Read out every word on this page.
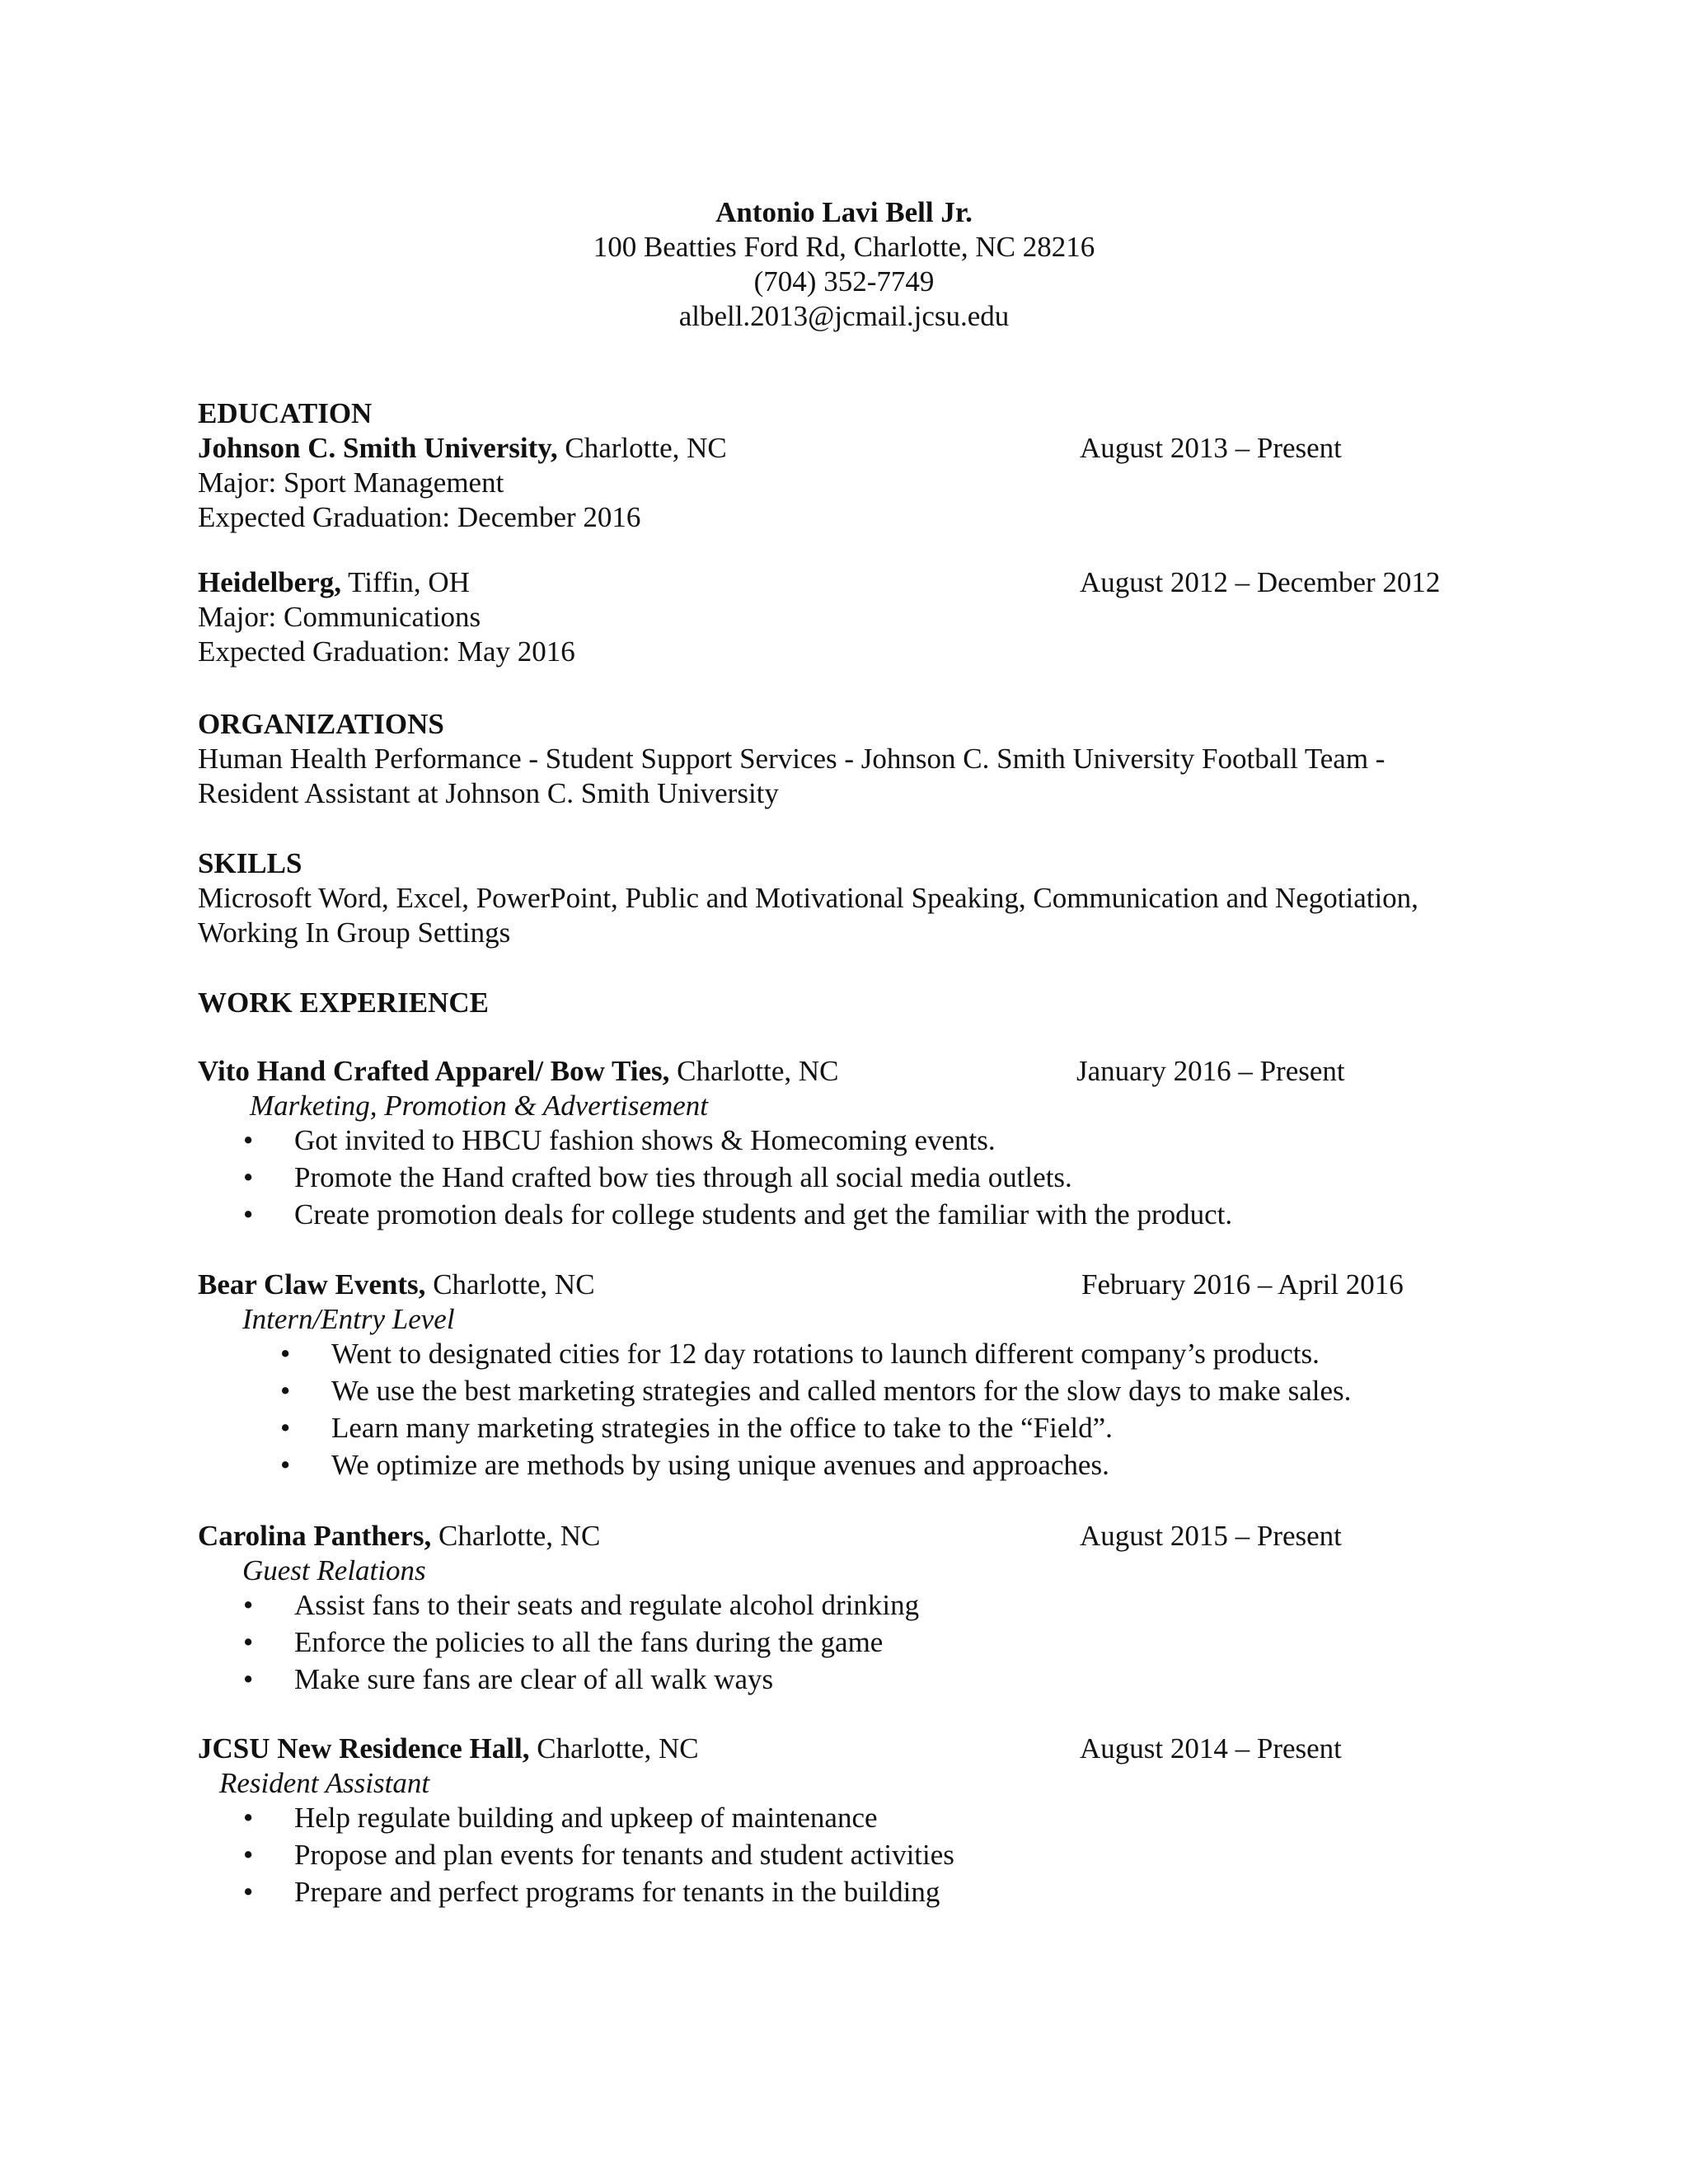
Antonio Lavi Bell Jr.
100 Beatties Ford Rd, Charlotte, NC 28216
(704) 352-7749
albell.2013@jcmail.jcsu.edu
EDUCATION
Johnson C. Smith University, Charlotte, NC	August 2013 – Present
Major: Sport Management
Expected Graduation: December 2016
Heidelberg, Tiffin, OH	August 2012 – December 2012
Major: Communications
Expected Graduation: May 2016
ORGANIZATIONS
Human Health Performance - Student Support Services - Johnson C. Smith University Football Team -
Resident Assistant at Johnson C. Smith University
SKILLS
Microsoft Word, Excel, PowerPoint, Public and Motivational Speaking, Communication and Negotiation,
Working In Group Settings
WORK EXPERIENCE
Vito Hand Crafted Apparel/ Bow Ties, Charlotte, NC	January 2016 – Present
Marketing, Promotion & Advertisement
• Got invited to HBCU fashion shows & Homecoming events.
• Promote the Hand crafted bow ties through all social media outlets.
• Create promotion deals for college students and get the familiar with the product.
Bear Claw Events, Charlotte, NC	February 2016 – April 2016
Intern/Entry Level
• Went to designated cities for 12 day rotations to launch different company’s products.
• We use the best marketing strategies and called mentors for the slow days to make sales.
• Learn many marketing strategies in the office to take to the “Field”.
• We optimize are methods by using unique avenues and approaches.
Carolina Panthers, Charlotte, NC	August 2015 – Present
Guest Relations
• Assist fans to their seats and regulate alcohol drinking
• Enforce the policies to all the fans during the game
• Make sure fans are clear of all walk ways
JCSU New Residence Hall, Charlotte, NC	August 2014 – Present
Resident Assistant
• Help regulate building and upkeep of maintenance
• Propose and plan events for tenants and student activities
• Prepare and perfect programs for tenants in the building
